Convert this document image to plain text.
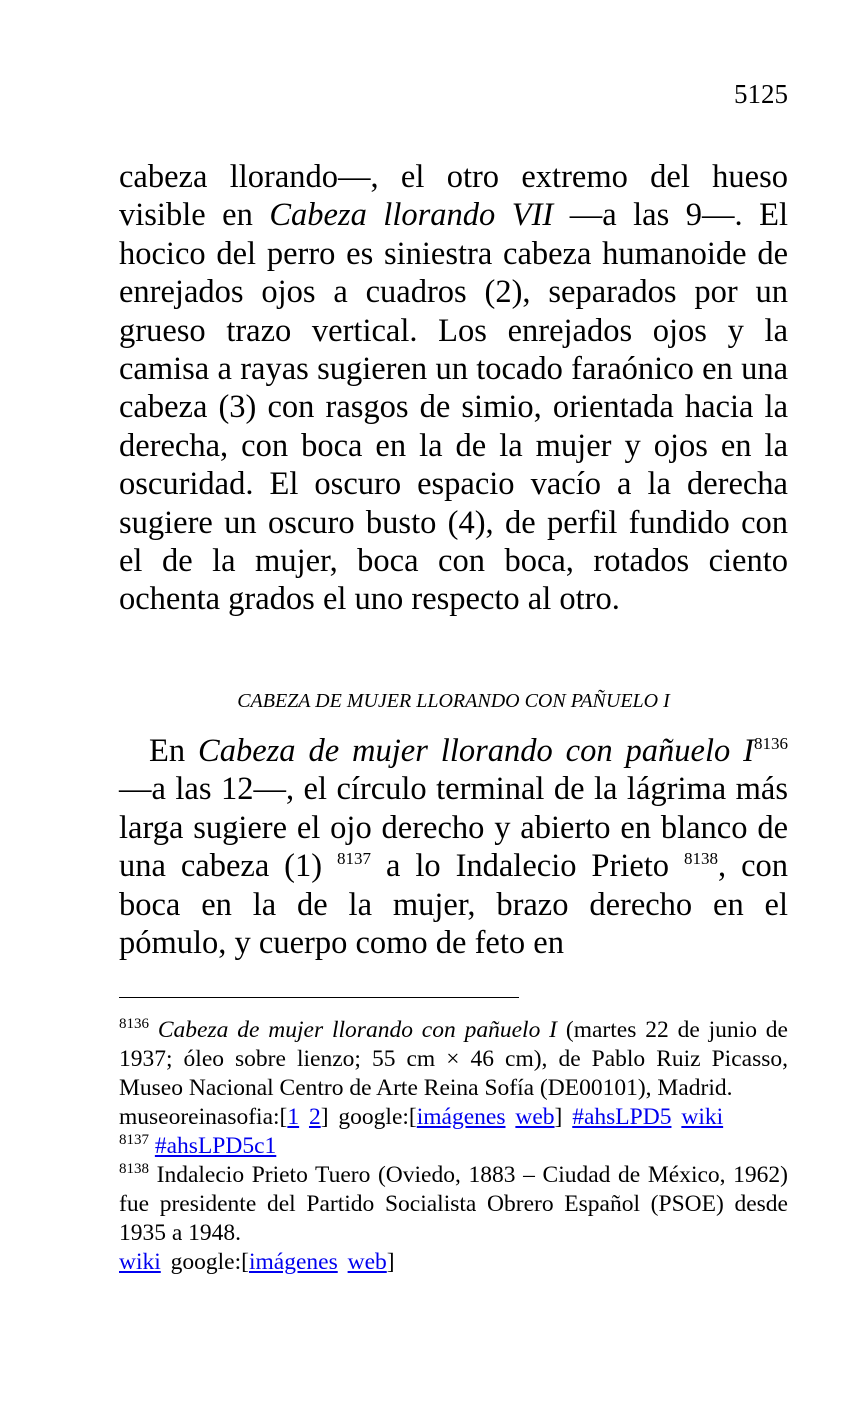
5125

cabeza llorando—, el otro extremo del hueso visible en Cabeza llorando VII —a las 9—. El hocico del perro es siniestra cabeza humanoide de enrejados ojos a cuadros (2), separados por un grueso trazo vertical. Los enrejados ojos y la camisa a rayas sugieren un tocado faraónico en una cabeza (3) con rasgos de simio, orientada hacia la derecha, con boca en la de la mujer y ojos en la oscuridad. El oscuro espacio vacío a la derecha sugiere un oscuro busto (4), de perfil fundido con el de la mujer, boca con boca, rotados ciento ochenta grados el uno respecto al otro.

CABEZA DE MUJER LLORANDO CON PAÑUELO I

En Cabeza de mujer llorando con pañuelo I$^{8136}$ —a las 12—, el círculo terminal de la lágrima más larga sugiere el ojo derecho y abierto en blanco de una cabeza (1) $^{8137}$ a lo Indalecio Prieto $^{8138}$, con boca en la de la mujer, brazo derecho en el pómulo, y cuerpo como de feto en

$^{8136}$ Cabeza de mujer llorando con pañuelo I (martes 22 de junio de 1937; óleo sobre lienzo; 55 cm × 46 cm), de Pablo Ruiz Picasso, Museo Nacional Centro de Arte Reina Sofía (DE00101), Madrid.

museoreinasofia:[1 2] google:[imágenes web] #ahsLPD5 wiki

$^{8137}$ #ahsLPD5c1

$^{8138}$ Indalecio Prieto Tuero (Oviedo, 1883 – Ciudad de México, 1962) fue presidente del Partido Socialista Obrero Español (PSOE) desde 1935 a 1948.

wiki google:[imágenes web]
